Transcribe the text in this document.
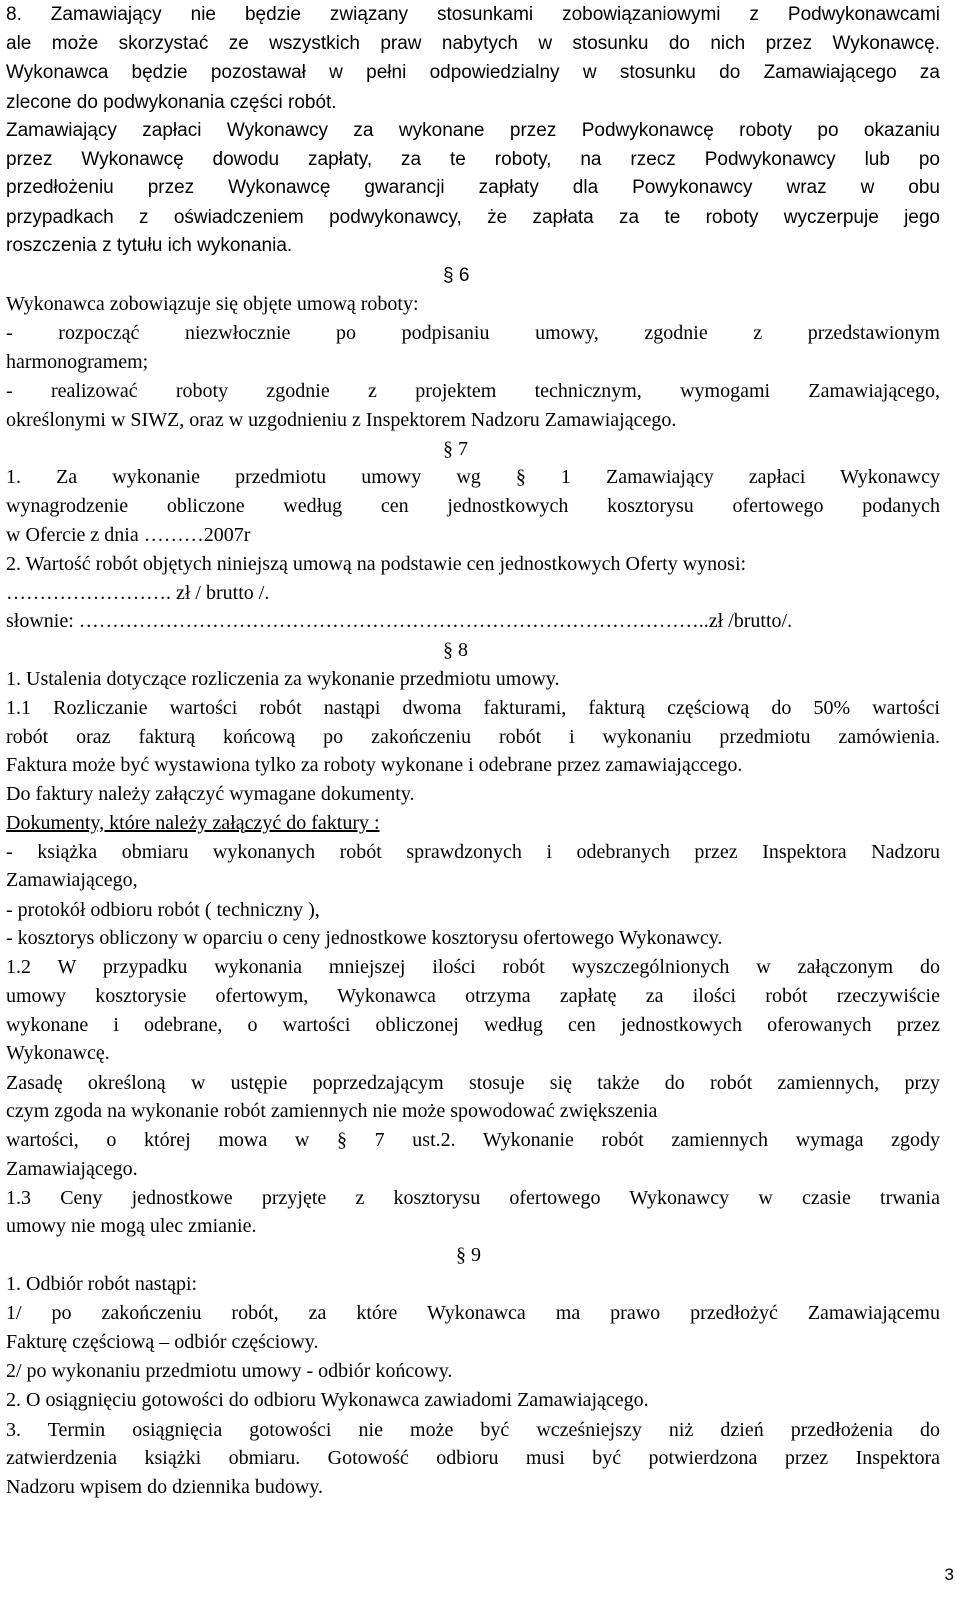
8. Zamawiający nie będzie związany stosunkami zobowiązaniowymi z Podwykonawcami
ale może skorzystać ze wszystkich praw nabytych w stosunku do nich przez Wykonawcę.
Wykonawca będzie pozostawał w pełni odpowiedzialny w stosunku do Zamawiającego za
zlecone do podwykonania części robót.
Zamawiający zapłaci Wykonawcy za wykonane przez Podwykonawcę roboty po okazaniu
przez Wykonawcę dowodu zapłaty, za te roboty, na rzecz Podwykonawcy lub po
przedłożeniu przez Wykonawcę gwarancji zapłaty dla Powykonawcy wraz w obu
przypadkach z oświadczeniem podwykonawcy, że zapłata za te roboty wyczerpuje jego
roszczenia z tytułu ich wykonania.
§ 6
Wykonawca zobowiązuje się objęte umową roboty:
- rozpocząć niezwłocznie po podpisaniu umowy, zgodnie z przedstawionym
harmonogramem;
- realizować roboty zgodnie z projektem technicznym, wymogami Zamawiającego,
określonymi w SIWZ, oraz w uzgodnieniu z Inspektorem Nadzoru Zamawiającego.
§ 7
1. Za wykonanie przedmiotu umowy wg § 1 Zamawiający zapłaci Wykonawcy
wynagrodzenie obliczone według cen jednostkowych kosztorysu ofertowego podanych
w Ofercie z dnia ………2007r
2. Wartość robót objętych niniejszą umową na podstawie cen jednostkowych Oferty wynosi:
……………………. zł / brutto /.
słownie: …………………………………………………………………………………..zł /brutto/.
§ 8
1. Ustalenia dotyczące rozliczenia za wykonanie przedmiotu umowy.
1.1 Rozliczanie wartości robót nastąpi dwoma fakturami, fakturą częściową do 50% wartości
robót oraz fakturą końcową po zakończeniu robót i wykonaniu przedmiotu zamówienia.
Faktura może być wystawiona tylko za roboty wykonane i odebrane przez zamawiająccego.
Do faktury należy załączyć wymagane dokumenty.
Dokumenty, które należy załączyć do faktury :
- książka obmiaru wykonanych robót sprawdzonych i odebranych przez Inspektora Nadzoru
Zamawiającego,
- protokół odbioru robót ( techniczny ),
- kosztorys obliczony w oparciu o ceny jednostkowe kosztorysu ofertowego Wykonawcy.
1.2 W przypadku wykonania mniejszej ilości robót wyszczególnionych w załączonym do
umowy kosztorysie ofertowym, Wykonawca otrzyma zapłatę za ilości robót rzeczywiście
wykonane i odebrane, o wartości obliczonej według cen jednostkowych oferowanych przez
Wykonawcę.
Zasadę określoną w ustępie poprzedzającym stosuje się także do robót zamiennych, przy
czym zgoda na wykonanie robót zamiennych nie może spowodować zwiększenia
wartości, o której mowa w § 7 ust.2. Wykonanie robót zamiennych wymaga zgody
Zamawiającego.
1.3 Ceny jednostkowe przyjęte z kosztorysu ofertowego Wykonawcy w czasie trwania
umowy nie mogą ulec zmianie.
§ 9
1. Odbiór robót nastąpi:
1/ po zakończeniu robót, za które Wykonawca ma prawo przedłożyć Zamawiającemu
Fakturę częściową – odbiór częściowy.
2/ po wykonaniu przedmiotu umowy - odbiór końcowy.
2. O osiągnięciu gotowości do odbioru Wykonawca zawiadomi Zamawiającego.
3. Termin osiągnięcia gotowości nie może być wcześniejszy niż dzień przedłożenia do
zatwierdzenia książki obmiaru. Gotowość odbioru musi być potwierdzona przez Inspektora
Nadzoru wpisem do dziennika budowy.
3
